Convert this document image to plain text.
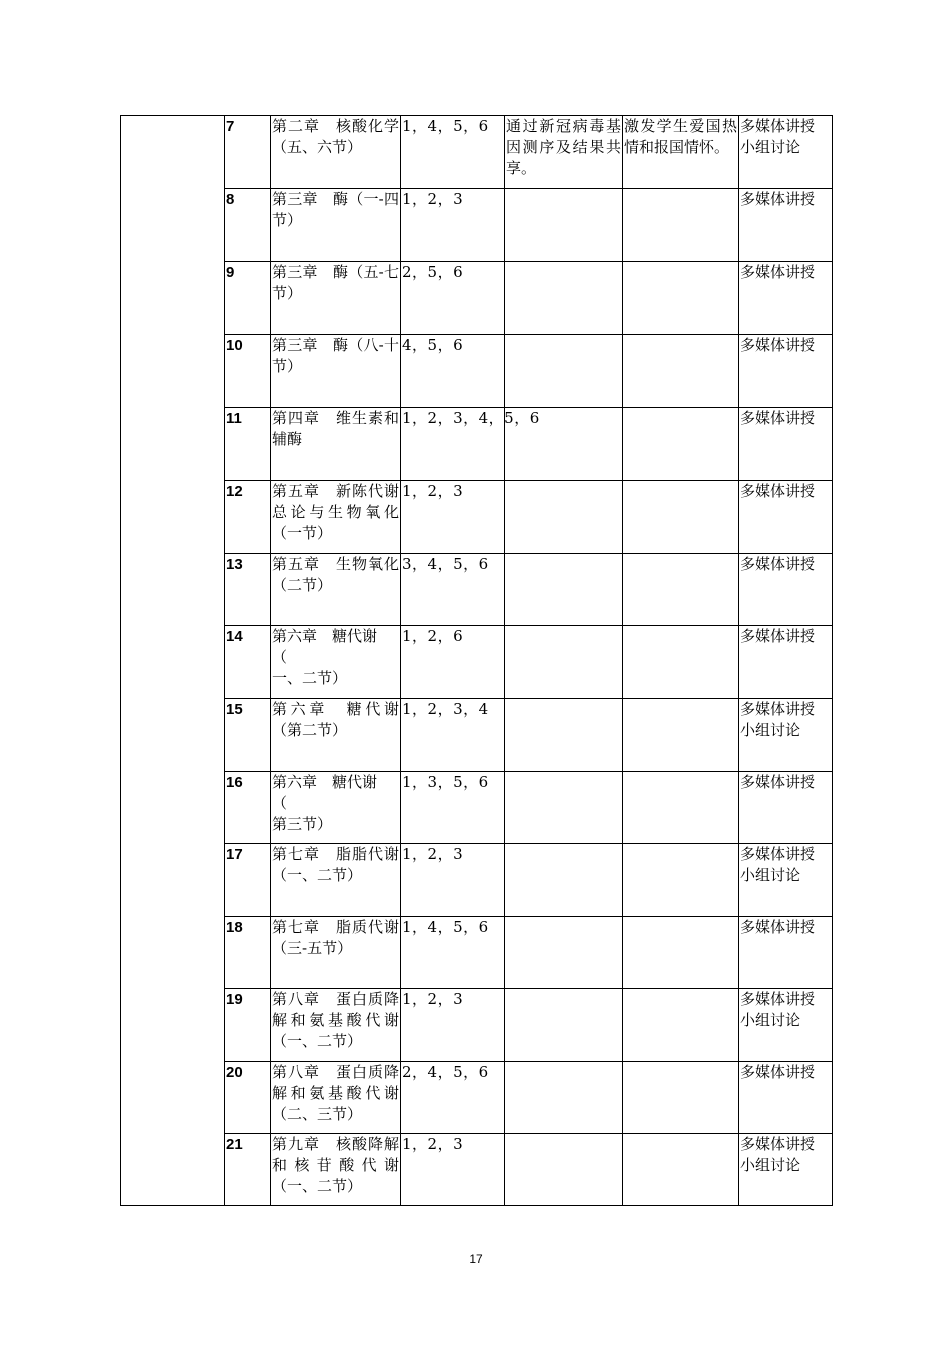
	7	第二章　核酸化学（五、六节）	1，4，5，6	通过新冠病毒基因测序及结果共享。	激发学生爱国热情和报国情怀。	多媒体讲授
小组讨论
	8	第三章　酶（一-四节）	1，2，3			多媒体讲授
	9	第三章　酶（五-七节）	2，5，6			多媒体讲授
	10	第三章　酶（八-十节）	4，5，6			多媒体讲授
	11	第四章　维生素和辅酶	1，2，3，4，5，6			多媒体讲授
	12	第五章　新陈代谢总论与生物氧化（一节）	1，2，3			多媒体讲授
	13	第五章　生物氧化（二节）	3，4，5，6			多媒体讲授
	14	第六章　糖代谢
（
一、二节）	1，2，6			多媒体讲授
	15	第六章　糖代谢（第二节）	1，2，3，4			多媒体讲授
小组讨论
	16	第六章　糖代谢
（
第三节）	1，3，5，6			多媒体讲授
	17	第七章　脂脂代谢（一、二节）	1，2，3			多媒体讲授
小组讨论
	18	第七章　脂质代谢（三-五节）	1，4，5，6			多媒体讲授
	19	第八章　蛋白质降解和氨基酸代谢（一、二节）	1，2，3			多媒体讲授
小组讨论
	20	第八章　蛋白质降解和氨基酸代谢（二、三节）	2，4，5，6			多媒体讲授
	21	第九章　核酸降解和核苷酸代谢（一、二节）	1，2，3			多媒体讲授
小组讨论
17
